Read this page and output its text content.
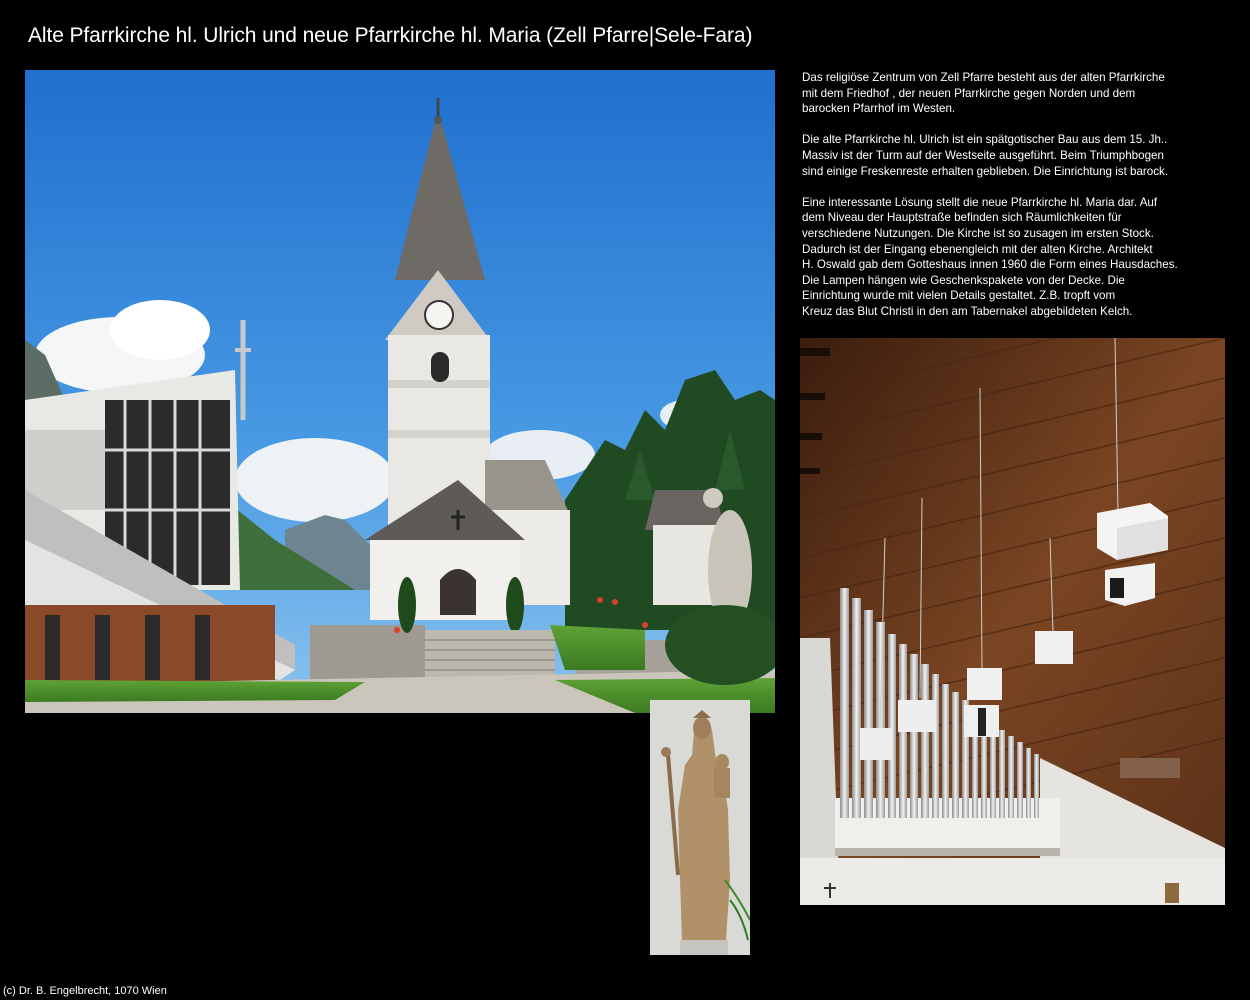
Alte Pfarrkirche hl. Ulrich und neue Pfarrkirche hl. Maria (Zell Pfarre|Sele-Fara)

Das religiöse Zentrum von Zell Pfarre besteht aus der alten Pfarrkirche
mit dem Friedhof , der neuen Pfarrkirche gegen Norden und dem
barocken Pfarrhof im Westen.

Die alte Pfarrkirche hl. Ulrich ist ein spätgotischer Bau aus dem 15. Jh..
Massiv ist der Turm auf der Westseite ausgeführt. Beim Triumphbogen
sind einige Freskenreste erhalten geblieben. Die Einrichtung ist barock.

Eine interessante Lösung stellt die neue Pfarrkirche hl. Maria dar. Auf
dem Niveau der Hauptstraße befinden sich Räumlichkeiten für
verschiedene Nutzungen. Die Kirche ist so zusagen im ersten Stock.
Dadurch ist der Eingang ebenengleich mit der alten Kirche. Architekt
H. Oswald gab dem Gotteshaus innen 1960 die Form eines Hausdaches.
Die Lampen hängen wie Geschenkspakete von der Decke. Die
Einrichtung wurde mit vielen Details gestaltet. Z.B. tropft vom
Kreuz das Blut Christi in den am Tabernakel abgebildeten Kelch.

(c) Dr. B. Engelbrecht, 1070 Wien
